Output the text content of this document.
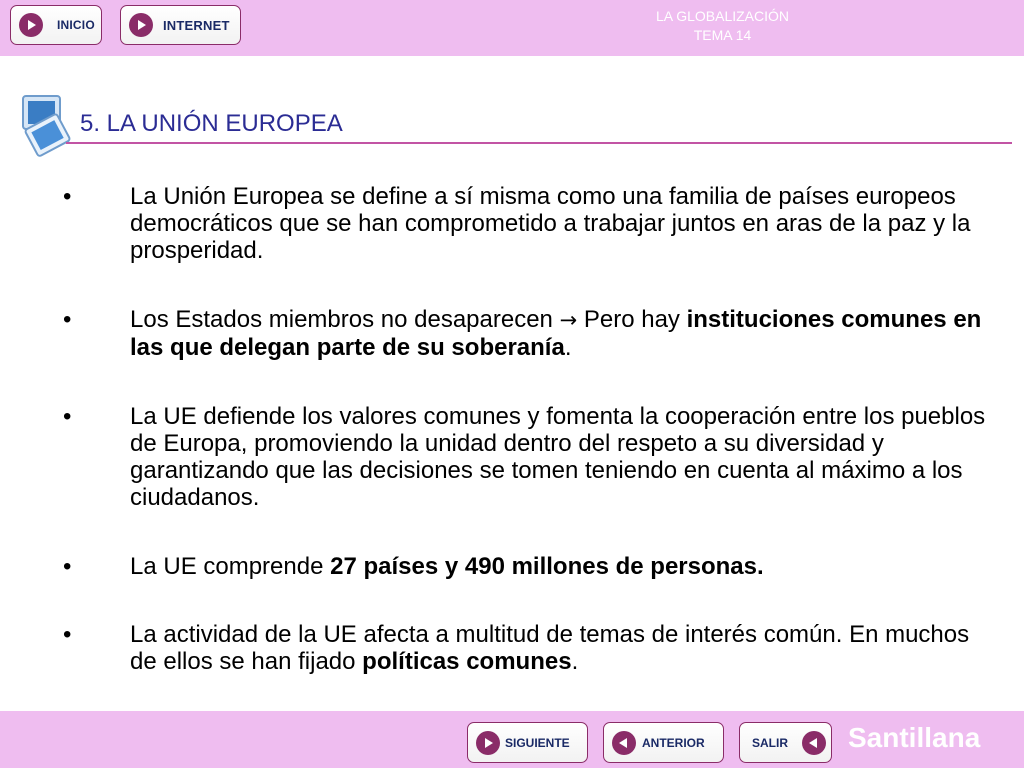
INICIO	INTERNET
LA GLOBALIZACIÓN
TEMA 14
5. LA UNIÓN EUROPEA
• La Unión Europea se define a sí misma como una familia de países europeos democráticos que se han comprometido a trabajar juntos en aras de la paz y la prosperidad.
• Los Estados miembros no desaparecen → Pero hay instituciones comunes en las que delegan parte de su soberanía.
• La UE defiende los valores comunes y fomenta la cooperación entre los pueblos de Europa, promoviendo la unidad dentro del respeto a su diversidad y garantizando que las decisiones se tomen teniendo en cuenta al máximo a los ciudadanos.
• La UE comprende 27 países y 490 millones de personas.
• La actividad de la UE afecta a multitud de temas de interés común. En muchos de ellos se han fijado políticas comunes.
SIGUIENTE	ANTERIOR	SALIR Santillana
